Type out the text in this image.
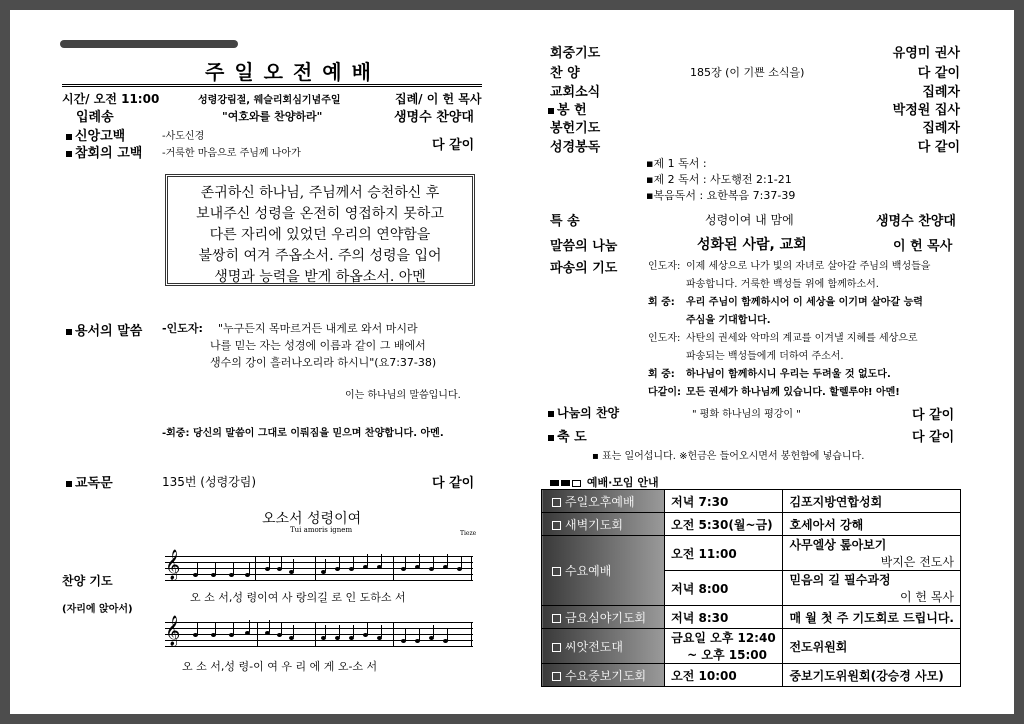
주일오전예배
시간/ 오전 11:00	성령강림절, 웨슬리회심기념주일	집례/ 이 헌 목사
입례송	"여호와를 찬양하라"	생명수 찬양대
신앙고백	-사도신경
참회의 고백 -거룩한 마음으로 주님께 나아가
다 같이
존귀하신 하나님, 주님께서 승천하신 후
보내주신 성령을 온전히 영접하지 못하고
다른 자리에 있었던 우리의 연약함을
불쌍히 여겨 주옵소서. 주의 성령을 입어
생명과 능력을 받게 하옵소서. 아멘
용서의 말씀 -인도자: "누구든지 목마르거든 내게로 와서 마시라
나를 믿는 자는 성경에 이름과 같이 그 배에서
생수의 강이 흘러나오리라 하시니"(요7:37-38)
이는 하나님의 말씀입니다.
-회중: 당신의 말씀이 그대로 이뤄짐을 믿으며 찬양합니다. 아멘.
교독문	135번 (성령강림)	다 같이
오소서 성령이여
Tui amoris ignem	Tieze
𝄞
𝄞
찬양 기도
(자리에 앉아서)
오 소 서,성 령이여 사 랑의길 로 인 도하소 서
오 소 서,성 령-이 여 우 리 에 게 오-소 서
회중기도	유영미 권사
찬 양	185장 (이 기쁜 소식을)	다 같이
교회소식	집례자
봉 헌	박정원 집사
봉헌기도	집례자
성경봉독	다 같이
▪제 1 독서 :
▪제 2 독서 : 사도행전 2:1-21
▪복음독서 : 요한복음 7:37-39
특 송	성령이여 내 맘에	생명수 찬양대
말씀의 나눔	성화된 사람, 교회	이 헌 목사
파송의 기도	인도자: 이제 세상으로 나가 빛의 자녀로 살아갈 주님의 백성들을
파송합니다. 거룩한 백성들 위에 함께하소서.
회 중: 우리 주님이 함께하시어 이 세상을 이기며 살아갈 능력
주심을 기대합니다.
인도자: 사탄의 권세와 악마의 계교를 이겨낼 지혜를 세상으로
파송되는 백성들에게 더하여 주소서.
회 중: 하나님이 함께하시니 우리는 두려울 것 없도다.
다같이: 모든 권세가 하나님께 있습니다. 할렐루야! 아멘!
나눔의 찬양	" 평화 하나님의 평강이 "	다 같이
축 도	다 같이
▪ 표는 일어섭니다. ※헌금은 들어오시면서 봉헌함에 넣습니다.
예배·모임 안내
주일오후예배	저녁 7:30	김포지방연합성회

새벽기도회	오전 5:30(월~금)	호세아서 강해

수요예배	오전 11:00	사무엘상 톺아보기
박지은 전도사

	저녁 8:00	믿음의 길 필수과정
이 헌 목사

금요심야기도회	저녁 8:30	매 월 첫 주 기도회로 드립니다.

씨앗전도대	금요일 오후 12:40
~ 오후 15:00	전도위원회

수요중보기도회	오전 10:00	중보기도위원회(강승경 사모)
